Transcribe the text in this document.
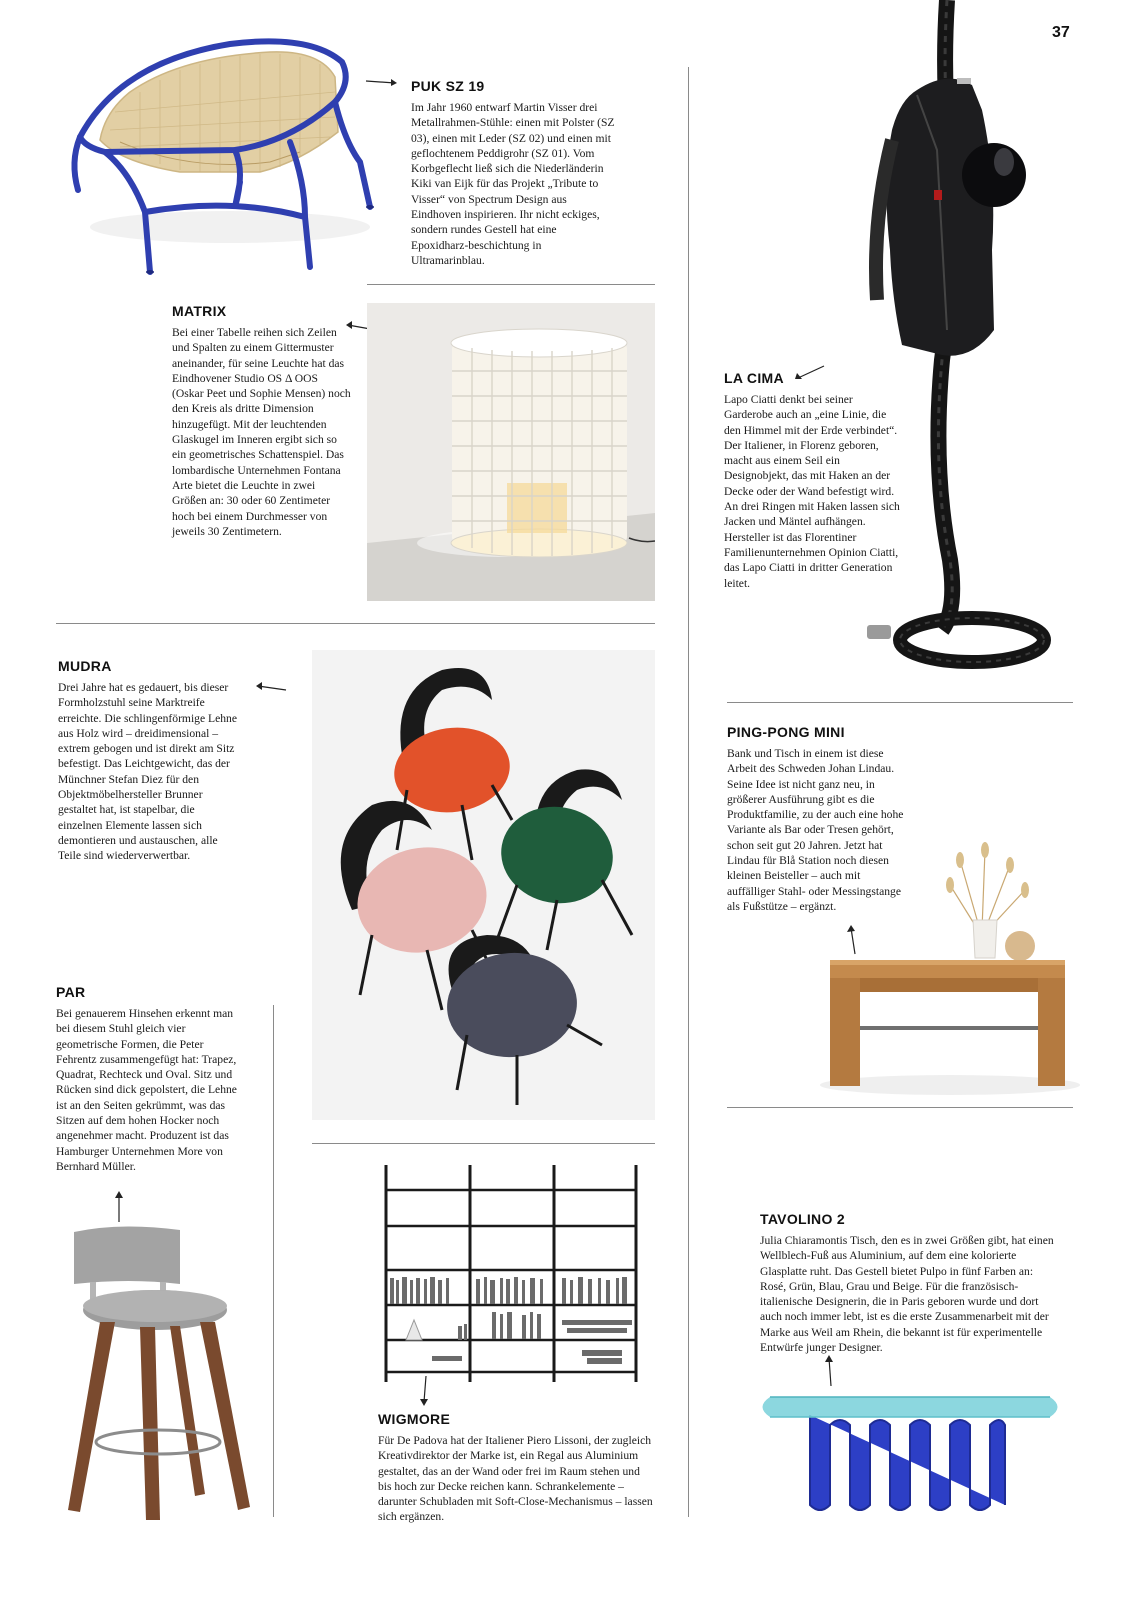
37
PUK SZ 19

Im Jahr 1960 entwarf Martin Visser drei Metallrahmen-Stühle: einen mit Polster (SZ 03), einen mit Leder (SZ 02) und einen mit geflochtenem Peddigrohr (SZ 01). Vom Korbgeflecht ließ sich die Niederländerin Kiki van Eijk für das Projekt „Tribute to Visser“ von Spectrum Design aus Eindhoven inspirieren. Ihr nicht eckiges, sondern rundes Gestell hat eine Epoxidharz-beschichtung in Ultramarinblau.

MATRIX

Bei einer Tabelle reihen sich Zeilen und Spalten zu einem Gittermuster aneinander, für seine Leuchte hat das Eindhovener Studio OS Δ OOS (Oskar Peet und Sophie Mensen) noch den Kreis als dritte Dimension hinzugefügt. Mit der leuchtenden Glaskugel im Inneren ergibt sich so ein geometrisches Schattenspiel. Das lombardische Unternehmen Fontana Arte bietet die Leuchte in zwei Größen an: 30 oder 60 Zentimeter hoch bei einem Durchmesser von jeweils 30 Zentimetern.

LA CIMA

Lapo Ciatti denkt bei seiner Garderobe auch an „eine Linie, die den Himmel mit der Erde verbindet“. Der Italiener, in Florenz geboren, macht aus einem Seil ein Designobjekt, das mit Haken an der Decke oder der Wand befestigt wird. An drei Ringen mit Haken lassen sich Jacken und Mäntel aufhängen. Hersteller ist das Florentiner Familienunternehmen Opinion Ciatti, das Lapo Ciatti in dritter Generation leitet.

MUDRA

Drei Jahre hat es gedauert, bis dieser Formholzstuhl seine Marktreife erreichte. Die schlingenförmige Lehne aus Holz wird – dreidimensional – extrem gebogen und ist direkt am Sitz befestigt. Das Leichtgewicht, das der Münchner Stefan Diez für den Objektmöbelhersteller Brunner gestaltet hat, ist stapelbar, die einzelnen Elemente lassen sich demontieren und austauschen, alle Teile sind wiederverwertbar.

PING-PONG MINI

Bank und Tisch in einem ist diese Arbeit des Schweden Johan Lindau. Seine Idee ist nicht ganz neu, in größerer Ausführung gibt es die Produktfamilie, zu der auch eine hohe Variante als Bar oder Tresen gehört, schon seit gut 20 Jahren. Jetzt hat Lindau für Blå Station noch diesen kleinen Beisteller – auch mit auffälliger Stahl- oder Messingstange als Fußstütze – ergänzt.

PAR

Bei genauerem Hinsehen erkennt man bei diesem Stuhl gleich vier geometrische Formen, die Peter Fehrentz zusammengefügt hat: Trapez, Quadrat, Rechteck und Oval. Sitz und Rücken sind dick gepolstert, die Lehne ist an den Seiten gekrümmt, was das Sitzen auf dem hohen Hocker noch angenehmer macht. Produzent ist das Hamburger Unternehmen More von Bernhard Müller.

WIGMORE

Für De Padova hat der Italiener Piero Lissoni, der zugleich Kreativdirektor der Marke ist, ein Regal aus Aluminium gestaltet, das an der Wand oder frei im Raum stehen und bis hoch zur Decke reichen kann. Schrankelemente – darunter Schubladen mit Soft-Close-Mechanismus – lassen sich ergänzen.

TAVOLINO 2

Julia Chiaramontis Tisch, den es in zwei Größen gibt, hat einen Wellblech-Fuß aus Aluminium, auf dem eine kolorierte Glasplatte ruht. Das Gestell bietet Pulpo in fünf Farben an: Rosé, Grün, Blau, Grau und Beige. Für die französisch-italienische Designerin, die in Paris geboren wurde und dort auch noch immer lebt, ist es die erste Zusammenarbeit mit der Marke aus Weil am Rhein, die bekannt ist für experimentelle Entwürfe junger Designer.
